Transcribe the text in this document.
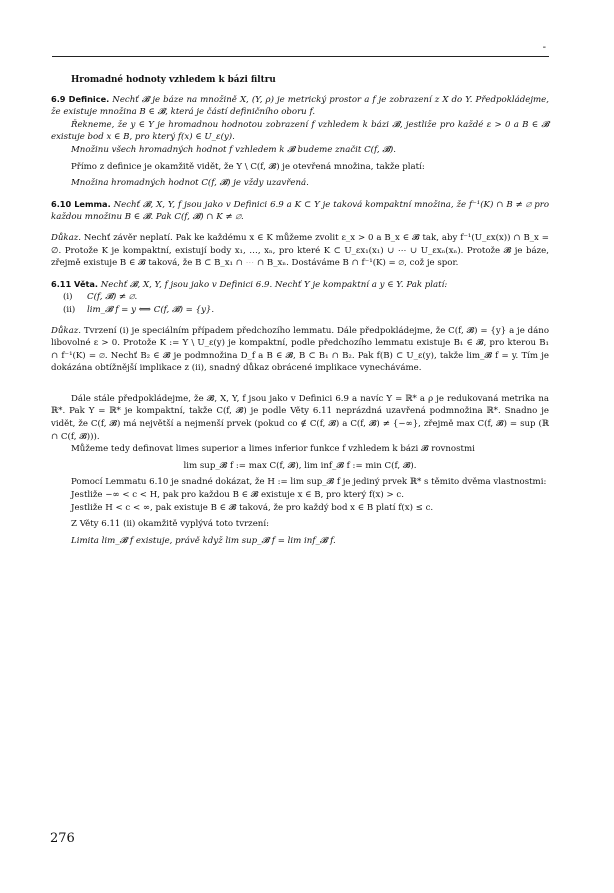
-
Hromadné hodnoty vzhledem k bázi filtru

6.9 Definice. Nechť 𝓑 je báze na množině X, (Y, ρ) je metrický prostor a f je zobrazení z X do Y. Předpokládejme, že existuje množina B ∈ 𝓑, která je částí definičního oboru f.

Řekneme, že y ∈ Y je hromadnou hodnotou zobrazení f vzhledem k bázi 𝓑, jestliže pro každé ε > 0 a B ∈ 𝓑 existuje bod x ∈ B, pro který f(x) ∈ U_ε(y).

Množinu všech hromadných hodnot f vzhledem k 𝓑 budeme značit C(f, 𝓑).

Přímo z definice je okamžitě vidět, že Y \ C(f, 𝓑) je otevřená množina, takže platí:

Množina hromadných hodnot C(f, 𝓑) je vždy uzavřená.

6.10 Lemma. Nechť 𝓑, X, Y, f jsou jako v Definici 6.9 a K ⊂ Y je taková kompaktní množina, že f⁻¹(K) ∩ B ≠ ∅ pro každou množinu B ∈ 𝓑. Pak C(f, 𝓑) ∩ K ≠ ∅.

Důkaz. Nechť závěr neplatí. Pak ke každému x ∈ K můžeme zvolit ε_x > 0 a B_x ∈ 𝓑 tak, aby f⁻¹(U_εx(x)) ∩ B_x = ∅. Protože K je kompaktní, existují body x₁, …, xₙ, pro které K ⊂ U_εx₁(x₁) ∪ ⋯ ∪ U_εxₙ(xₙ). Protože 𝓑 je báze, zřejmě existuje B ∈ 𝓑 taková, že B ⊂ B_x₁ ∩ ⋯ ∩ B_xₙ. Dostáváme B ∩ f⁻¹(K) = ∅, což je spor.

6.11 Věta. Nechť 𝓑, X, Y, f jsou jako v Definici 6.9. Nechť Y je kompaktní a y ∈ Y. Pak platí:

(i) C(f, 𝓑) ≠ ∅.
(ii) lim_𝓑 f = y ⟺ C(f, 𝓑) = {y}.

Důkaz. Tvrzení (i) je speciálním případem předchozího lemmatu. Dále předpokládejme, že C(f, 𝓑) = {y} a je dáno libovolné ε > 0. Protože K := Y \ U_ε(y) je kompaktní, podle předchozího lemmatu existuje B₁ ∈ 𝓑, pro kterou B₁ ∩ f⁻¹(K) = ∅. Nechť B₂ ∈ 𝓑 je podmnožina D_f a B ∈ 𝓑, B ⊂ B₁ ∩ B₂. Pak f(B) ⊂ U_ε(y), takže lim_𝓑 f = y. Tím je dokázána obtížnější implikace z (ii), snadný důkaz obrácené implikace vynecháváme.

Dále stále předpokládejme, že 𝓑, X, Y, f jsou jako v Definici 6.9 a navíc Y = ℝ* a ρ je redukovaná metrika na ℝ*. Pak Y = ℝ* je kompaktní, takže C(f, 𝓑) je podle Věty 6.11 neprázdná uzavřená podmnožina ℝ*. Snadno je vidět, že C(f, 𝓑) má největší a nejmenší prvek (pokud co ∉ C(f, 𝓑) a C(f, 𝓑) ≠ {−∞}, zřejmě max C(f, 𝓑) = sup (ℝ ∩ C(f, 𝓑))).

Můžeme tedy definovat limes superior a limes inferior funkce f vzhledem k bázi 𝓑 rovnostmi

lim sup_𝓑 f := max C(f, 𝓑), lim inf_𝓑 f := min C(f, 𝓑).

Pomocí Lemmatu 6.10 je snadné dokázat, že H := lim sup_𝓑 f je jediný prvek ℝ* s těmito dvěma vlastnostmi:

Jestliže −∞ < c < H, pak pro každou B ∈ 𝓑 existuje x ∈ B, pro který f(x) > c.

Jestliže H < c < ∞, pak existuje B ∈ 𝓑 taková, že pro každý bod x ∈ B platí f(x) ≤ c.

Z Věty 6.11 (ii) okamžitě vyplývá toto tvrzení:

Limita lim_𝓑 f existuje, právě když lim sup_𝓑 f = lim inf_𝓑 f.

276
